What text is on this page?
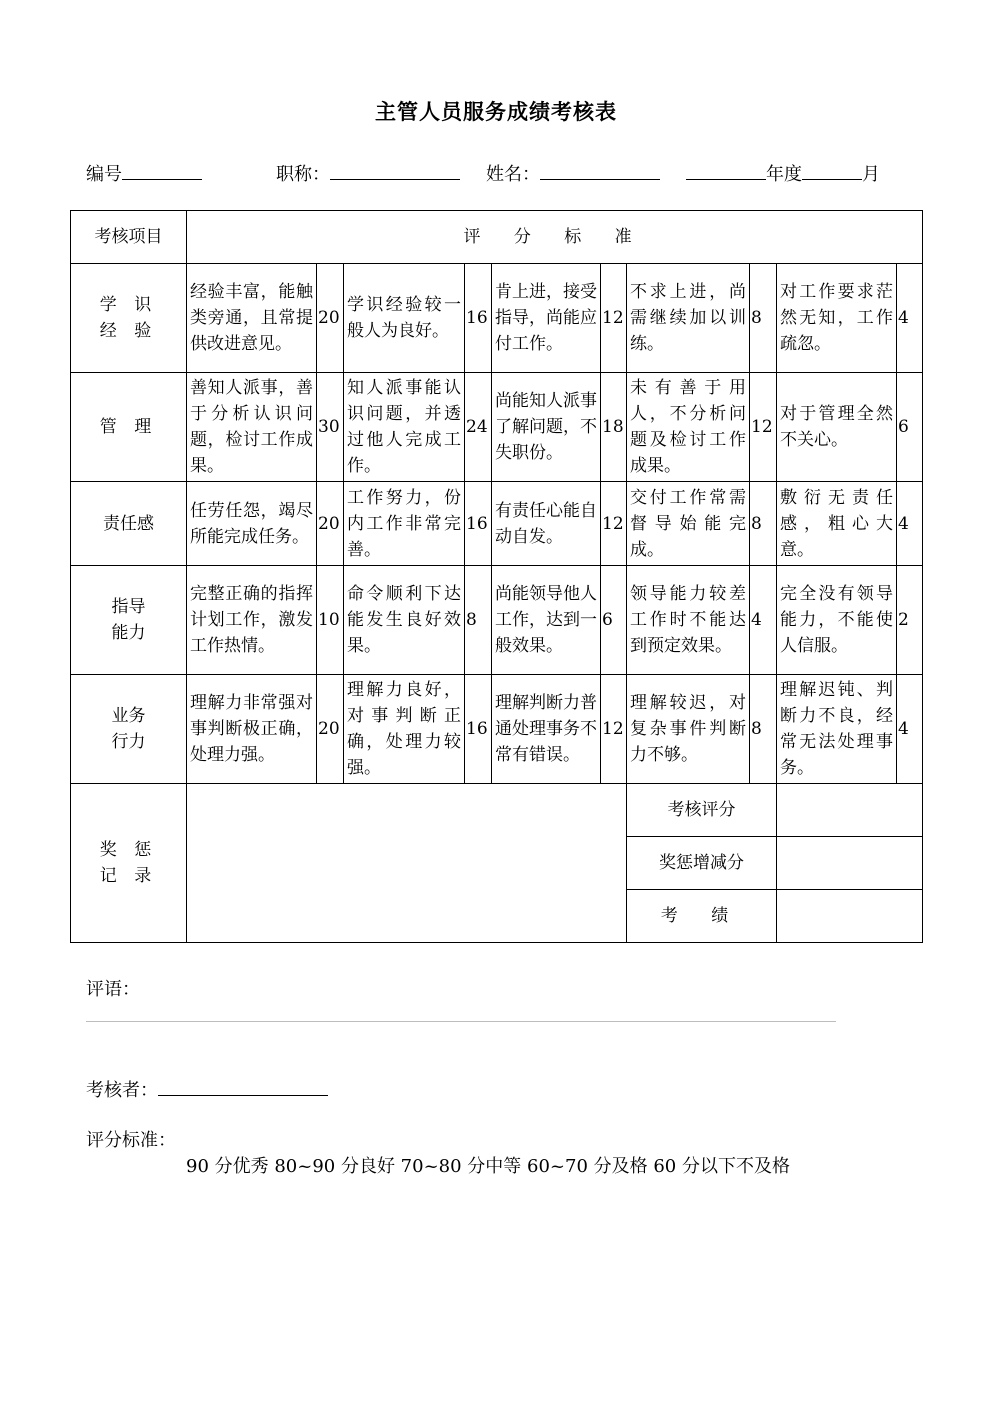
主管人员服务成绩考核表
编号	职称：	姓名：	年度	月
考核项目	评 分 标 准									
学 识
经 验	经验丰富，能触类旁通，且常提供改进意见。	20	学识经验较一般人为良好。	16	肯上进，接受指导，尚能应付工作。	12	不求上进，尚需继续加以训练。	8	对工作要求茫然无知，工作疏忽。	4
管 理	善知人派事，善于分析认识问题，检讨工作成果。	30	知人派事能认识问题，并透过他人完成工作。	24	尚能知人派事了解问题，不失职份。	18	未有善于用人，不分析问题及检讨工作成果。	12	对于管理全然不关心。	6
责任感	任劳任怨，竭尽所能完成任务。	20	工作努力，份内工作非常完善。	16	有责任心能自动自发。	12	交付工作常需督导始能完成。	8	敷衍无责任感，粗心大意。	4
指导
能力	完整正确的指挥计划工作，激发工作热情。	10	命令顺利下达能发生良好效果。	8	尚能领导他人工作，达到一般效果。	6	领导能力较差工作时不能达到预定效果。	4	完全没有领导能力，不能使人信服。	2
业务
行力	理解力非常强对事判断极正确，处理力强。	20	理解力良好，对事判断正确，处理力较强。	16	理解判断力普通处理事务不常有错误。	12	理解较迟，对复杂事件判断力不够。	8	理解迟钝、判断力不良，经常无法处理事务。	4
奖 惩
记 录							考核评分			
							奖惩增减分			
							考 绩			
评语：
考核者：
评分标准：
90 分优秀 80~90 分良好 70~80 分中等 60~70 分及格 60 分以下不及格
